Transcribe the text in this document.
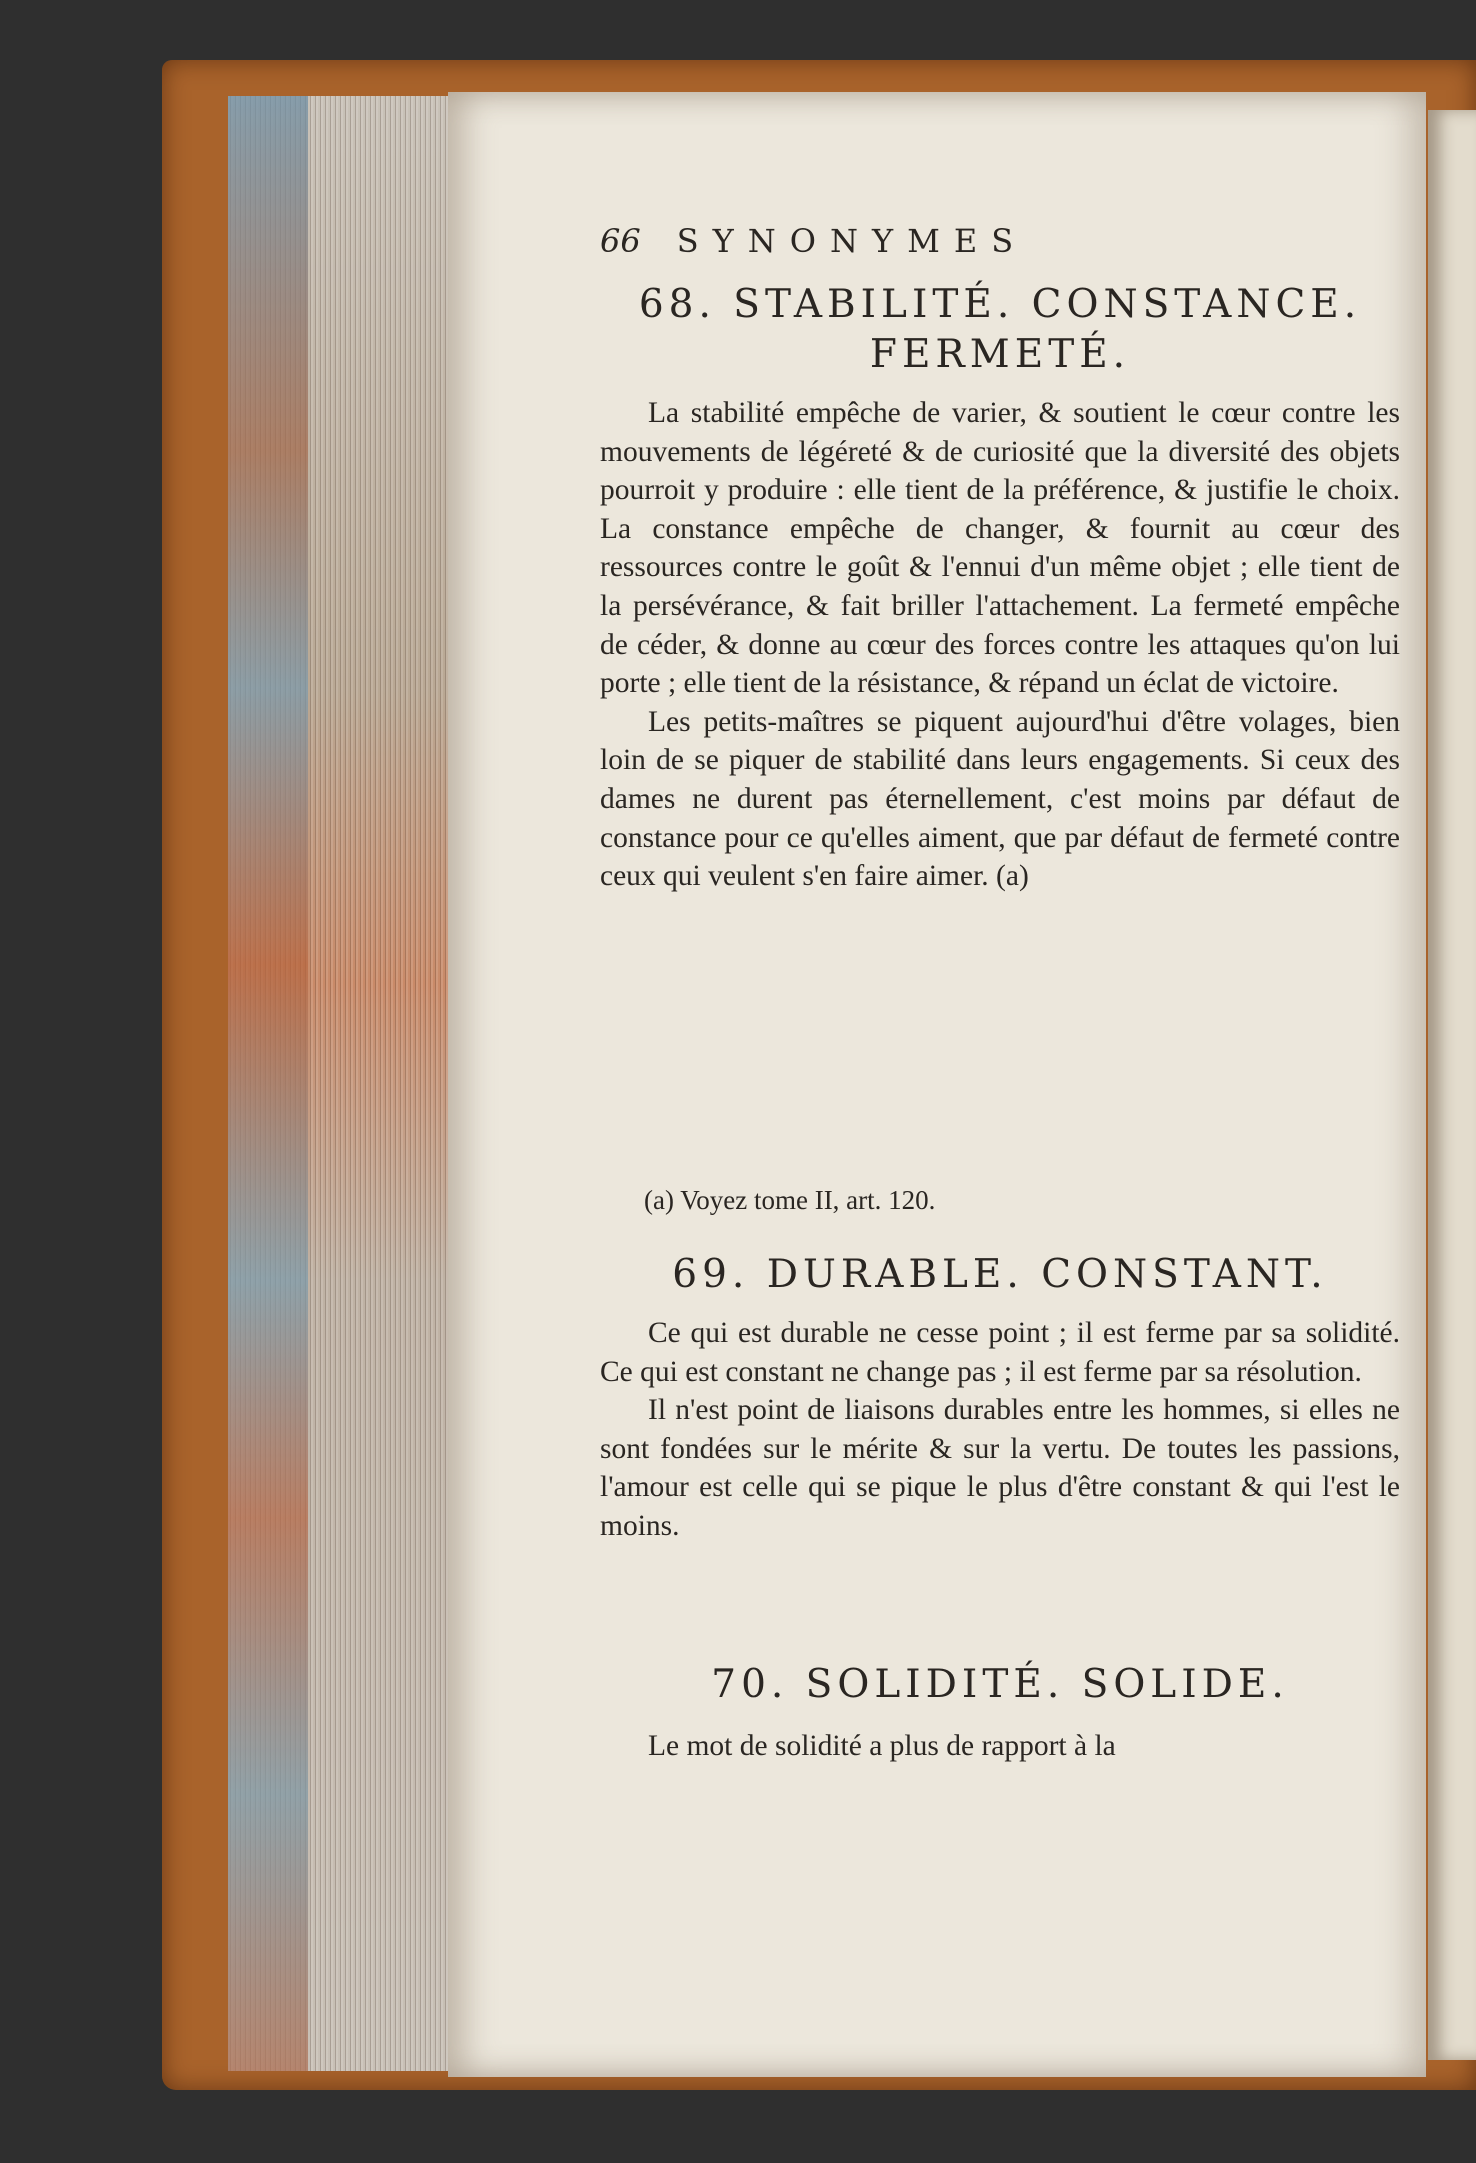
66 SYNONYMES
68. STABILITÉ. CONSTANCE.
FERMETÉ.

La stabilité empêche de varier, & soutient le cœur contre les mouvements de légéreté & de curiosité que la diversité des objets pourroit y produire : elle tient de la préférence, & justifie le choix. La constance empêche de changer, & fournit au cœur des ressources contre le goût & l'ennui d'un même objet ; elle tient de la persévérance, & fait briller l'attachement. La fermeté empêche de céder, & donne au cœur des forces contre les attaques qu'on lui porte ; elle tient de la résistance, & répand un éclat de victoire.

Les petits-maîtres se piquent aujourd'hui d'être volages, bien loin de se piquer de stabilité dans leurs engagements. Si ceux des dames ne durent pas éternellement, c'est moins par défaut de constance pour ce qu'elles aiment, que par défaut de fermeté contre ceux qui veulent s'en faire aimer. (a)

(a) Voyez tome II, art. 120.

69. DURABLE. CONSTANT.

Ce qui est durable ne cesse point ; il est ferme par sa solidité. Ce qui est constant ne change pas ; il est ferme par sa résolution.

Il n'est point de liaisons durables entre les hommes, si elles ne sont fondées sur le mérite & sur la vertu. De toutes les passions, l'amour est celle qui se pique le plus d'être constant & qui l'est le moins.

70. SOLIDITÉ. SOLIDE.

Le mot de solidité a plus de rapport à la
